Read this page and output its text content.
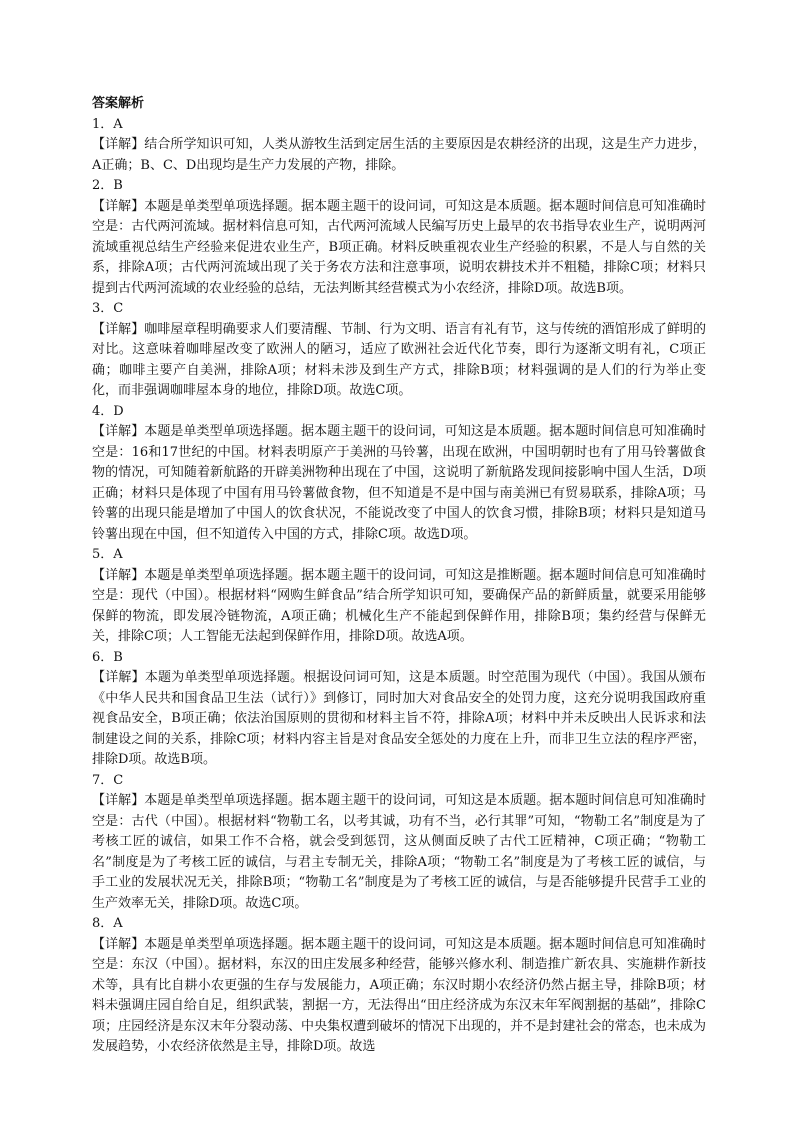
答案解析

1．A

【详解】结合所学知识可知，人类从游牧生活到定居生活的主要原因是农耕经济的出现，这是生产力进步，A正确；B、C、D出现均是生产力发展的产物，排除。

2．B

【详解】本题是单类型单项选择题。据本题主题干的设问词，可知这是本质题。据本题时间信息可知准确时空是：古代两河流域。据材料信息可知，古代两河流域人民编写历史上最早的农书指导农业生产，说明两河流域重视总结生产经验来促进农业生产，B项正确。材料反映重视农业生产经验的积累，不是人与自然的关系，排除A项；古代两河流域出现了关于务农方法和注意事项，说明农耕技术并不粗糙，排除C项；材料只提到古代两河流域的农业经验的总结，无法判断其经营模式为小农经济，排除D项。故选B项。

3．C

【详解】咖啡屋章程明确要求人们要清醒、节制、行为文明、语言有礼有节，这与传统的酒馆形成了鲜明的对比。这意味着咖啡屋改变了欧洲人的陋习，适应了欧洲社会近代化节奏，即行为逐渐文明有礼，C项正确；咖啡主要产自美洲，排除A项；材料未涉及到生产方式，排除B项；材料强调的是人们的行为举止变化，而非强调咖啡屋本身的地位，排除D项。故选C项。

4．D

【详解】本题是单类型单项选择题。据本题主题干的设问词，可知这是本质题。据本题时间信息可知准确时空是：16和17世纪的中国。材料表明原产于美洲的马铃薯，出现在欧洲，中国明朝时也有了用马铃薯做食物的情况，可知随着新航路的开辟美洲物种出现在了中国，这说明了新航路发现间接影响中国人生活，D项正确；材料只是体现了中国有用马铃薯做食物，但不知道是不是中国与南美洲已有贸易联系，排除A项；马铃薯的出现只能是增加了中国人的饮食状况，不能说改变了中国人的饮食习惯，排除B项；材料只是知道马铃薯出现在中国，但不知道传入中国的方式，排除C项。故选D项。

5．A

【详解】本题是单类型单项选择题。据本题主题干的设问词，可知这是推断题。据本题时间信息可知准确时空是：现代（中国）。根据材料“网购生鲜食品”结合所学知识可知，要确保产品的新鲜质量，就要采用能够保鲜的物流，即发展冷链物流，A项正确；机械化生产不能起到保鲜作用，排除B项；集约经营与保鲜无关，排除C项；人工智能无法起到保鲜作用，排除D项。故选A项。

6．B

【详解】本题为单类型单项选择题。根据设问词可知，这是本质题。时空范围为现代（中国）。我国从颁布《中华人民共和国食品卫生法（试行）》到修订，同时加大对食品安全的处罚力度，这充分说明我国政府重视食品安全，B项正确；依法治国原则的贯彻和材料主旨不符，排除A项；材料中并未反映出人民诉求和法制建设之间的关系，排除C项；材料内容主旨是对食品安全惩处的力度在上升，而非卫生立法的程序严密，排除D项。故选B项。

7．C

【详解】本题是单类型单项选择题。据本题主题干的设问词，可知这是本质题。据本题时间信息可知准确时空是：古代（中国）。根据材料“物勒工名，以考其诚，功有不当，必行其罪”可知，“物勒工名”制度是为了考核工匠的诚信，如果工作不合格，就会受到惩罚，这从侧面反映了古代工匠精神，C项正确；“物勒工名”制度是为了考核工匠的诚信，与君主专制无关，排除A项；“物勒工名”制度是为了考核工匠的诚信，与手工业的发展状况无关，排除B项；“物勒工名”制度是为了考核工匠的诚信，与是否能够提升民营手工业的生产效率无关，排除D项。故选C项。

8．A

【详解】本题是单类型单项选择题。据本题主题干的设问词，可知这是本质题。据本题时间信息可知准确时空是：东汉（中国）。据材料，东汉的田庄发展多种经营，能够兴修水利、制造推广新农具、实施耕作新技术等，具有比自耕小农更强的生存与发展能力，A项正确；东汉时期小农经济仍然占据主导，排除B项；材料未强调庄园自给自足，组织武装，割据一方，无法得出“田庄经济成为东汉末年军阀割据的基础”，排除C项；庄园经济是东汉末年分裂动荡、中央集权遭到破坏的情况下出现的，并不是封建社会的常态，也未成为发展趋势，小农经济依然是主导，排除D项。故选
